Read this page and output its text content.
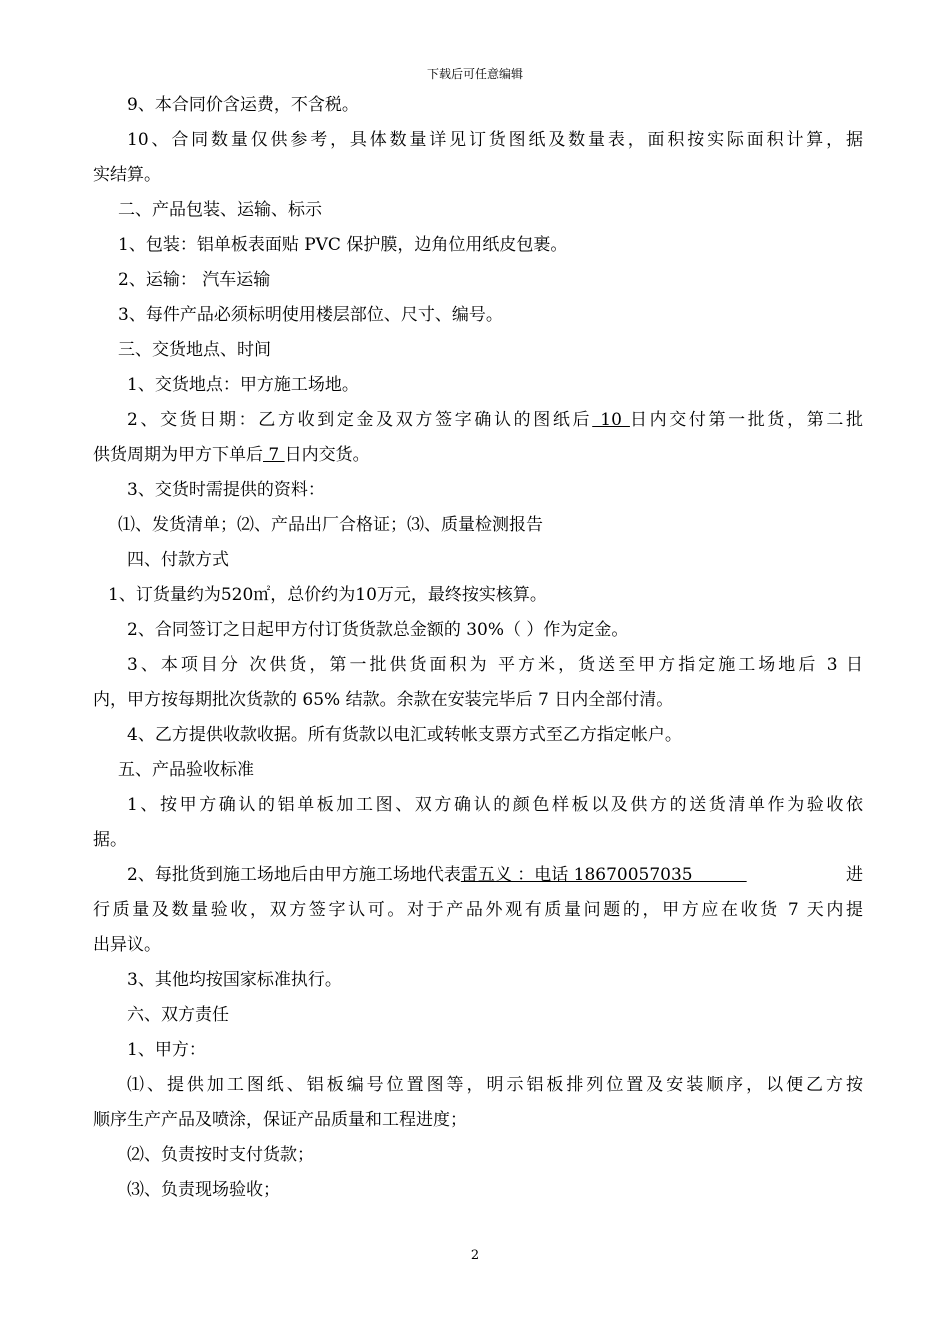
下载后可任意编辑
9、本合同价含运费，不含税。
10、合同数量仅供参考，具体数量详见订货图纸及数量表，面积按实际面积计算，据
实结算。
二、产品包装、运输、标示
1、包装：铝单板表面贴 PVC 保护膜，边角位用纸皮包裹。
2、运输： 汽车运输
3、每件产品必须标明使用楼层部位、尺寸、编号。
三、交货地点、时间
1、交货地点：甲方施工场地。
2、交货日期：乙方收到定金及双方签字确认的图纸后 10 日内交付第一批货，第二批
供货周期为甲方下单后 7 日内交货。
3、交货时需提供的资料：
⑴、发货清单；⑵、产品出厂合格证；⑶、质量检测报告
四、付款方式
1、订货量约为520㎡，总价约为10万元，最终按实核算。
2、合同签订之日起甲方付订货货款总金额的 30%（ ）作为定金。
3、本项目分 次供货，第一批供货面积为 平方米，货送至甲方指定施工场地后 3 日
内，甲方按每期批次货款的 65% 结款。余款在安装完毕后 7 日内全部付清。
4、乙方提供收款收据。所有货款以电汇或转帐支票方式至乙方指定帐户。
五、产品验收标准
1、按甲方确认的铝单板加工图、双方确认的颜色样板以及供方的送货清单作为验收依
据。
2、每批货到施工场地后由甲方施工场地代表 雷五义 ：电话 18670057035	进
行质量及数量验收，双方签字认可。对于产品外观有质量问题的，甲方应在收货 7 天内提
出异议。
3、其他均按国家标准执行。
六、双方责任
1、甲方：
⑴、提供加工图纸、铝板编号位置图等，明示铝板排列位置及安装顺序，以便乙方按
顺序生产产品及喷涂，保证产品质量和工程进度；
⑵、负责按时支付货款；
⑶、负责现场验收；
2
